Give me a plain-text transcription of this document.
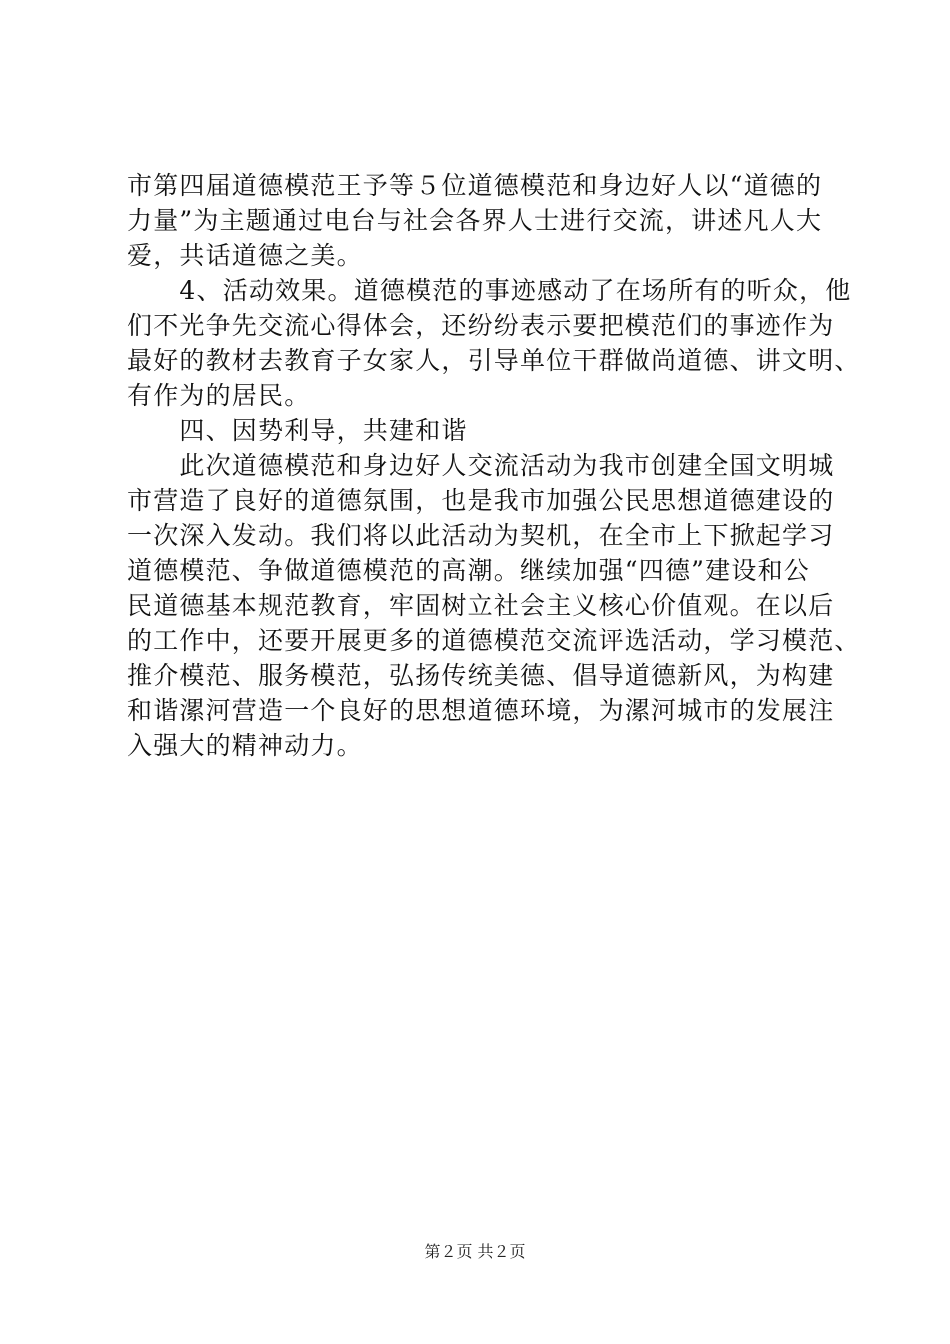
市第四届道德模范王予等５位道德模范和身边好人以“道德的
力量”为主题通过电台与社会各界人士进行交流，讲述凡人大
爱，共话道德之美。
　　4、活动效果。道德模范的事迹感动了在场所有的听众，他
们不光争先交流心得体会，还纷纷表示要把模范们的事迹作为
最好的教材去教育子女家人，引导单位干群做尚道德、讲文明、
有作为的居民。
　　四、因势利导，共建和谐
　　此次道德模范和身边好人交流活动为我市创建全国文明城
市营造了良好的道德氛围，也是我市加强公民思想道德建设的
一次深入发动。我们将以此活动为契机，在全市上下掀起学习
道德模范、争做道德模范的高潮。继续加强“四德”建设和公
民道德基本规范教育，牢固树立社会主义核心价值观。在以后
的工作中，还要开展更多的道德模范交流评选活动，学习模范、
推介模范、服务模范，弘扬传统美德、倡导道德新风，为构建
和谐漯河营造一个良好的思想道德环境，为漯河城市的发展注
入强大的精神动力。
第２页 共２页
